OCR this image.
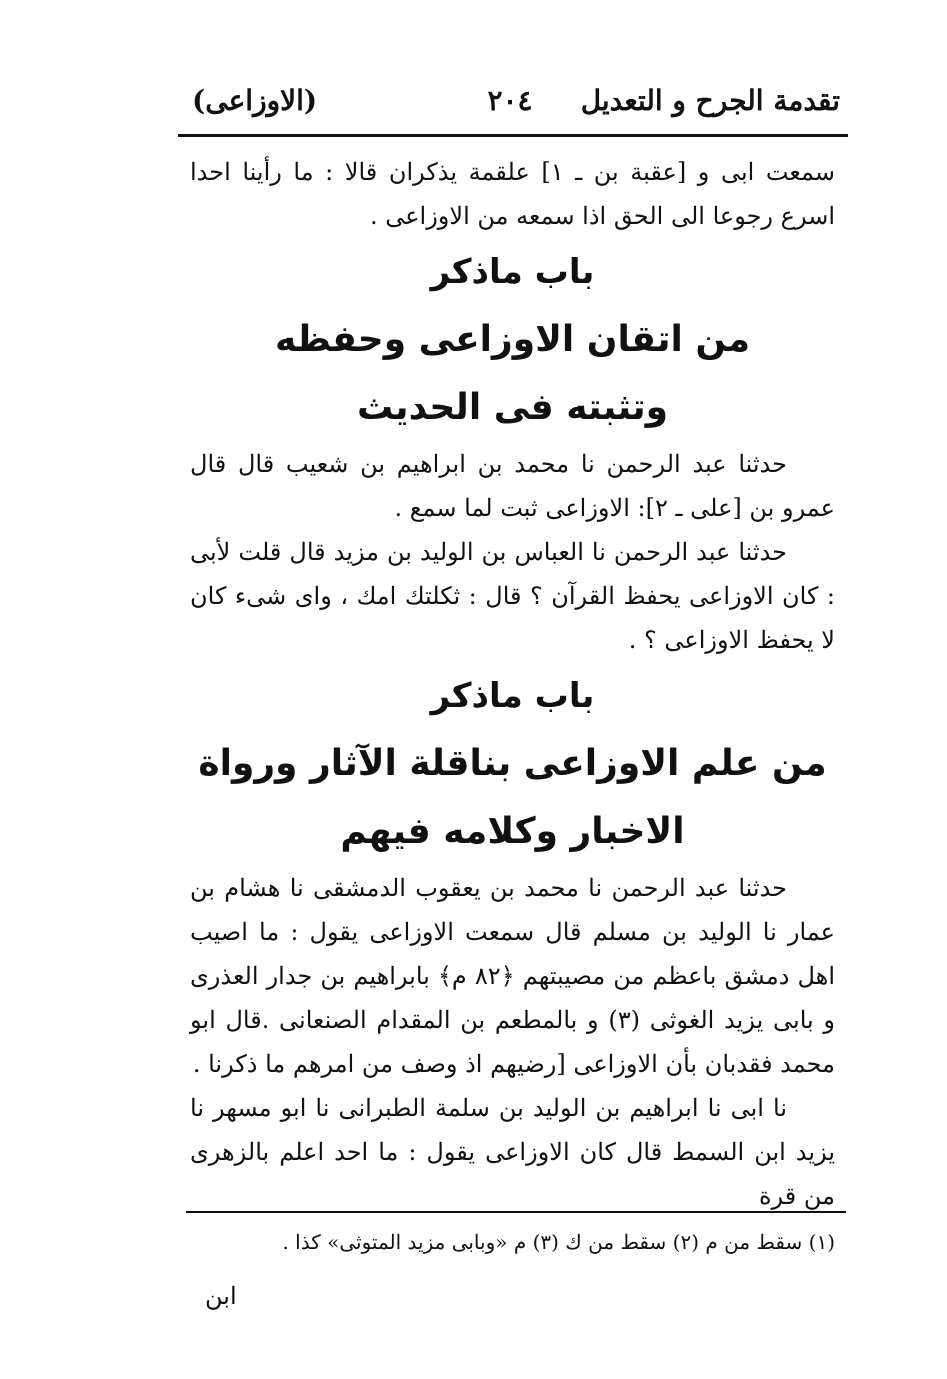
تقدمة الجرح و التعديل
٢٠٤
(الاوزاعى)

سمعت ابى و [عقبة بن ـ ١] علقمة يذكران قالا : ما رأينا احدا اسرع رجوعا الى الحق اذا سمعه من الاوزاعى .

باب ماذكر

من اتقان الاوزاعى وحفظه

وتثبته فى الحديث

حدثنا عبد الرحمن نا محمد بن ابراهيم بن شعيب قال قال عمرو بن [على ـ ٢]: الاوزاعى ثبت لما سمع .

حدثنا عبد الرحمن نا العباس بن الوليد بن مزيد قال قلت لأبى : كان الاوزاعى يحفظ القرآن ؟ قال : ثكلتك امك ، واى شىء كان لا يحفظ الاوزاعى ؟ .

باب ماذكر

من علم الاوزاعى بناقلة الآثار ورواة

الاخبار وكلامه فيهم

حدثنا عبد الرحمن نا محمد بن يعقوب الدمشقى نا هشام بن عمار نا الوليد بن مسلم قال سمعت الاوزاعى يقول : ما اصيب اهل دمشق باعظم من مصيبتهم ﴿٨٢ م﴾ بابراهيم بن جدار العذرى و بابى يزيد الغوثى (٣) و بالمطعم بن المقدام الصنعانى .قال ابو محمد فقدبان بأن الاوزاعى [رضيهم اذ وصف من امرهم ما ذكرنا .

نا ابى نا ابراهيم بن الوليد بن سلمة الطبرانى نا ابو مسهر نا يزيد ابن السمط قال كان الاوزاعى يقول : ما احد اعلم بالزهرى من قرة

(١) سقط من م (٢) سقط من ك (٣) م «وبابى مزيد المتوثى» كذا .
ابن
